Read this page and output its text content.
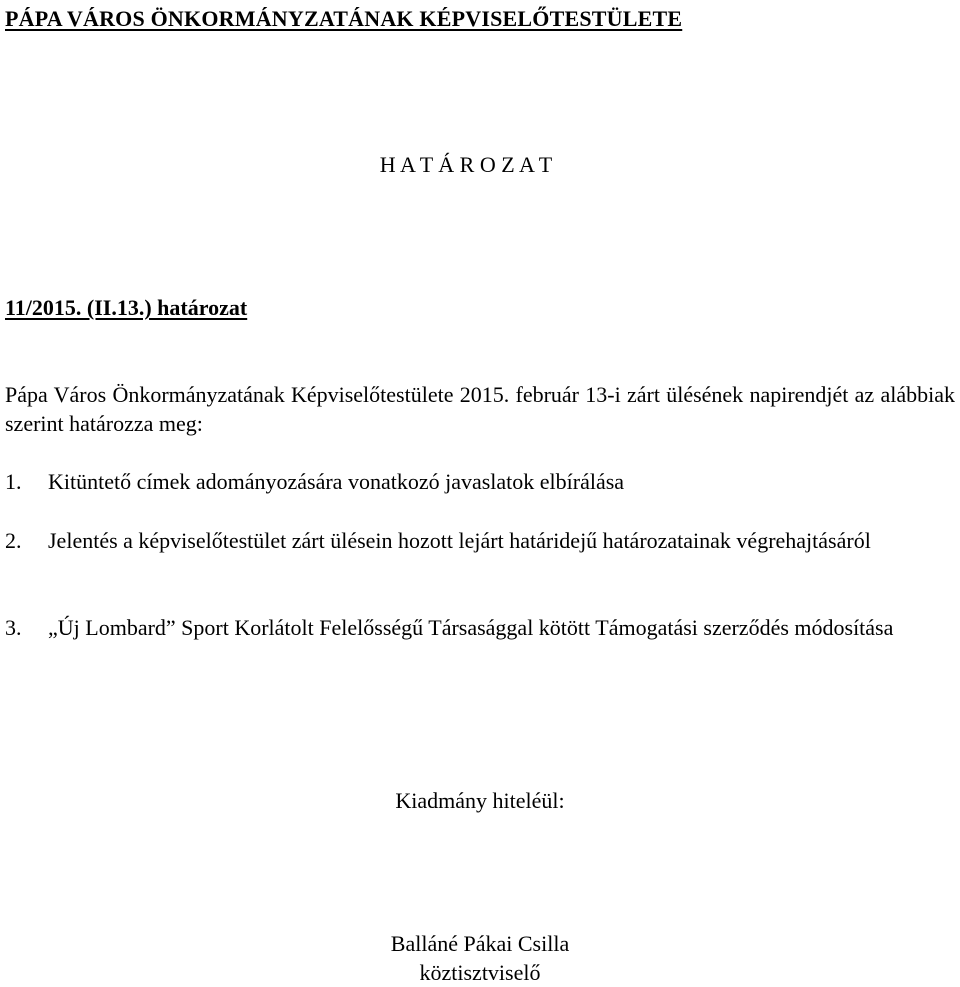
PÁPA VÁROS ÖNKORMÁNYZATÁNAK KÉPVISELŐTESTÜLETE
H A T Á R O Z A T
11/2015. (II.13.) határozat
Pápa Város Önkormányzatának Képviselőtestülete 2015. február 13-i zárt ülésének napirendjét az alábbiak szerint határozza meg:
1.	Kitüntető címek adományozására vonatkozó javaslatok elbírálása
2.	Jelentés a képviselőtestület zárt ülésein hozott lejárt határidejű határozatainak végrehajtásáról
3.	„Új Lombard” Sport Korlátolt Felelősségű Társasággal kötött Támogatási szerződés módosítása
Kiadmány hiteléül:
Balláné Pákai Csilla
köztisztviselő
